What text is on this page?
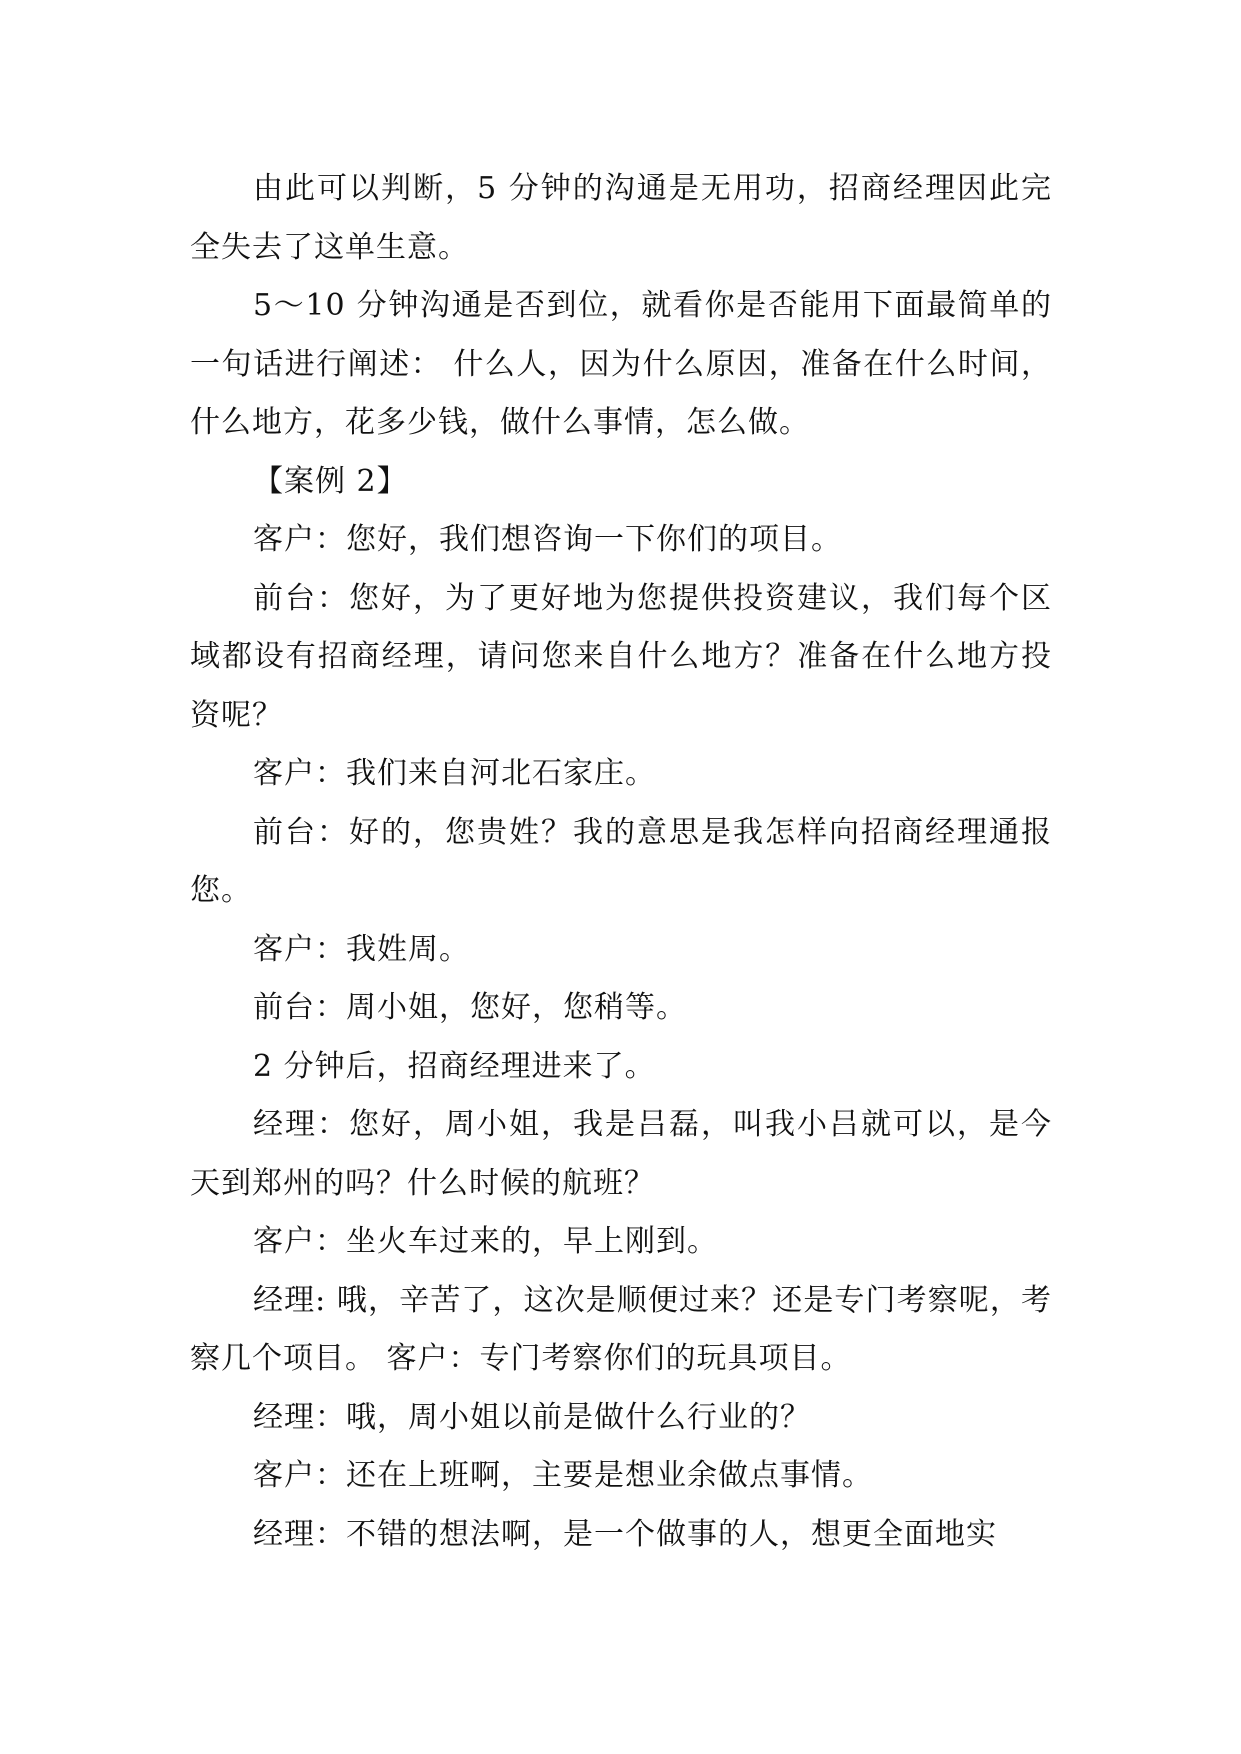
由此可以判断，5 分钟的沟通是无用功，招商经理因此完全失去了这单生意。

5～10 分钟沟通是否到位，就看你是否能用下面最简单的一句话进行阐述： 什么人，因为什么原因，准备在什么时间，什么地方，花多少钱，做什么事情，怎么做。

【案例 2】

客户：您好，我们想咨询一下你们的项目。

前台：您好，为了更好地为您提供投资建议，我们每个区域都设有招商经理，请问您来自什么地方？准备在什么地方投资呢？

客户：我们来自河北石家庄。

前台：好的，您贵姓？我的意思是我怎样向招商经理通报您。

客户：我姓周。

前台：周小姐，您好，您稍等。

2 分钟后，招商经理进来了。

经理：您好，周小姐，我是吕磊，叫我小吕就可以，是今天到郑州的吗？什么时候的航班？

客户：坐火车过来的，早上刚到。

经理: 哦，辛苦了，这次是顺便过来？还是专门考察呢，考察几个项目。 客户：专门考察你们的玩具项目。

经理：哦，周小姐以前是做什么行业的？

客户：还在上班啊，主要是想业余做点事情。

经理：不错的想法啊，是一个做事的人，想更全面地实
